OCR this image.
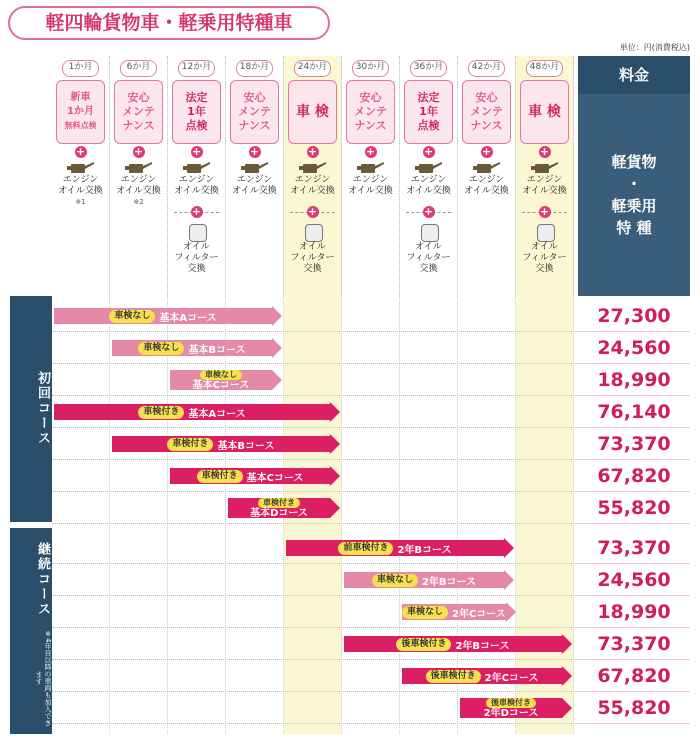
軽四輪貨物車・軽乗用特種車
単位：円(消費税込)
1か月
新車
1か月
無料点検
+
エンジン
オイル交換
※1
6か月
安心
メンテ
ナンス
+
エンジン
オイル交換
※2
12か月
法定
1年
点検
+
エンジン
オイル交換
+
オイル
フィルター
交換
18か月
安心
メンテ
ナンス
+
エンジン
オイル交換
24か月
車 検
+
エンジン
オイル交換
+
オイル
フィルター
交換
30か月
安心
メンテ
ナンス
+
エンジン
オイル交換
36か月
法定
1年
点検
+
エンジン
オイル交換
+
オイル
フィルター
交換
42か月
安心
メンテ
ナンス
+
エンジン
オイル交換
48か月
車 検
+
エンジン
オイル交換
+
オイル
フィルター
交換
料金
軽貨物
・
軽乗用
特 種
初回コース
継続コース
※4年目以降の車両も加入できます
車検なし 基本Aコース	27,300
車検なし 基本Bコース	24,560
車検なし
基本Cコース	18,990
車検付き 基本Aコース	76,140
車検付き 基本Bコース	73,370
車検付き 基本Cコース	67,820
車検付き
基本Dコース	55,820
前車検付き 2年Bコース	73,370
車検なし 2年Bコース	24,560
車検なし 2年Cコース	18,990
後車検付き 2年Bコース	73,370
後車検付き 2年Cコース	67,820
後車検付き
2年Dコース	55,820
